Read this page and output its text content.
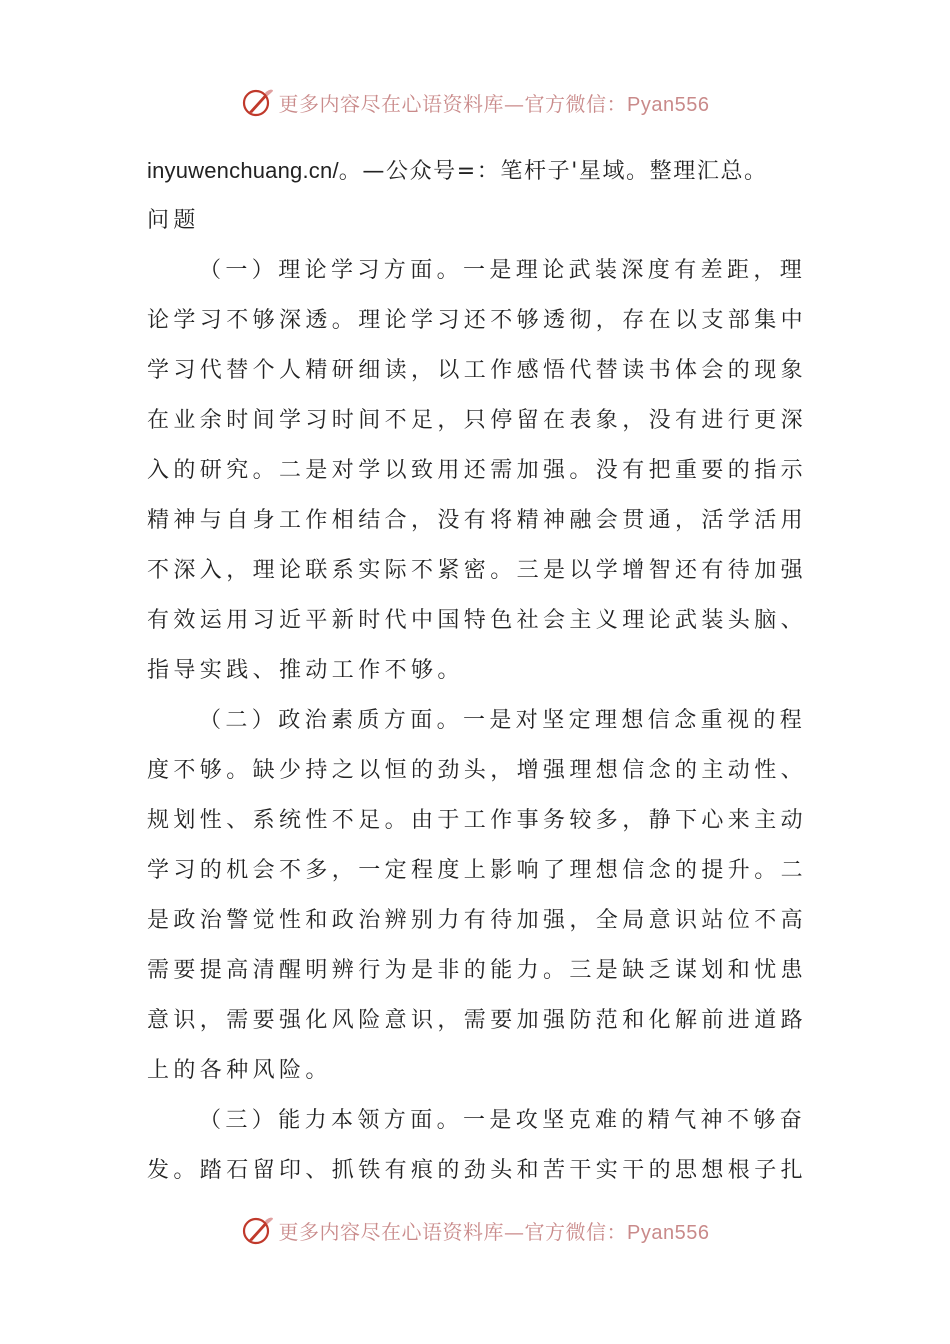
更多内容尽在心语资料库—官方微信：Pyan556
inyuwenchuang.cn/。—公众号=：笔杆子'星域。整理汇总。
问题
（一）理论学习方面。一是理论武装深度有差距，理
论学习不够深透。理论学习还不够透彻，存在以支部集中
学习代替个人精研细读，以工作感悟代替读书体会的现象
在业余时间学习时间不足，只停留在表象，没有进行更深
入的研究。二是对学以致用还需加强。没有把重要的指示
精神与自身工作相结合，没有将精神融会贯通，活学活用
不深入，理论联系实际不紧密。三是以学增智还有待加强
有效运用习近平新时代中国特色社会主义理论武装头脑、
指导实践、推动工作不够。
（二）政治素质方面。一是对坚定理想信念重视的程
度不够。缺少持之以恒的劲头，增强理想信念的主动性、
规划性、系统性不足。由于工作事务较多，静下心来主动
学习的机会不多，一定程度上影响了理想信念的提升。二
是政治警觉性和政治辨别力有待加强，全局意识站位不高
需要提高清醒明辨行为是非的能力。三是缺乏谋划和忧患
意识，需要强化风险意识，需要加强防范和化解前进道路
上的各种风险。
（三）能力本领方面。一是攻坚克难的精气神不够奋
发。踏石留印、抓铁有痕的劲头和苦干实干的思想根子扎
更多内容尽在心语资料库—官方微信：Pyan556
